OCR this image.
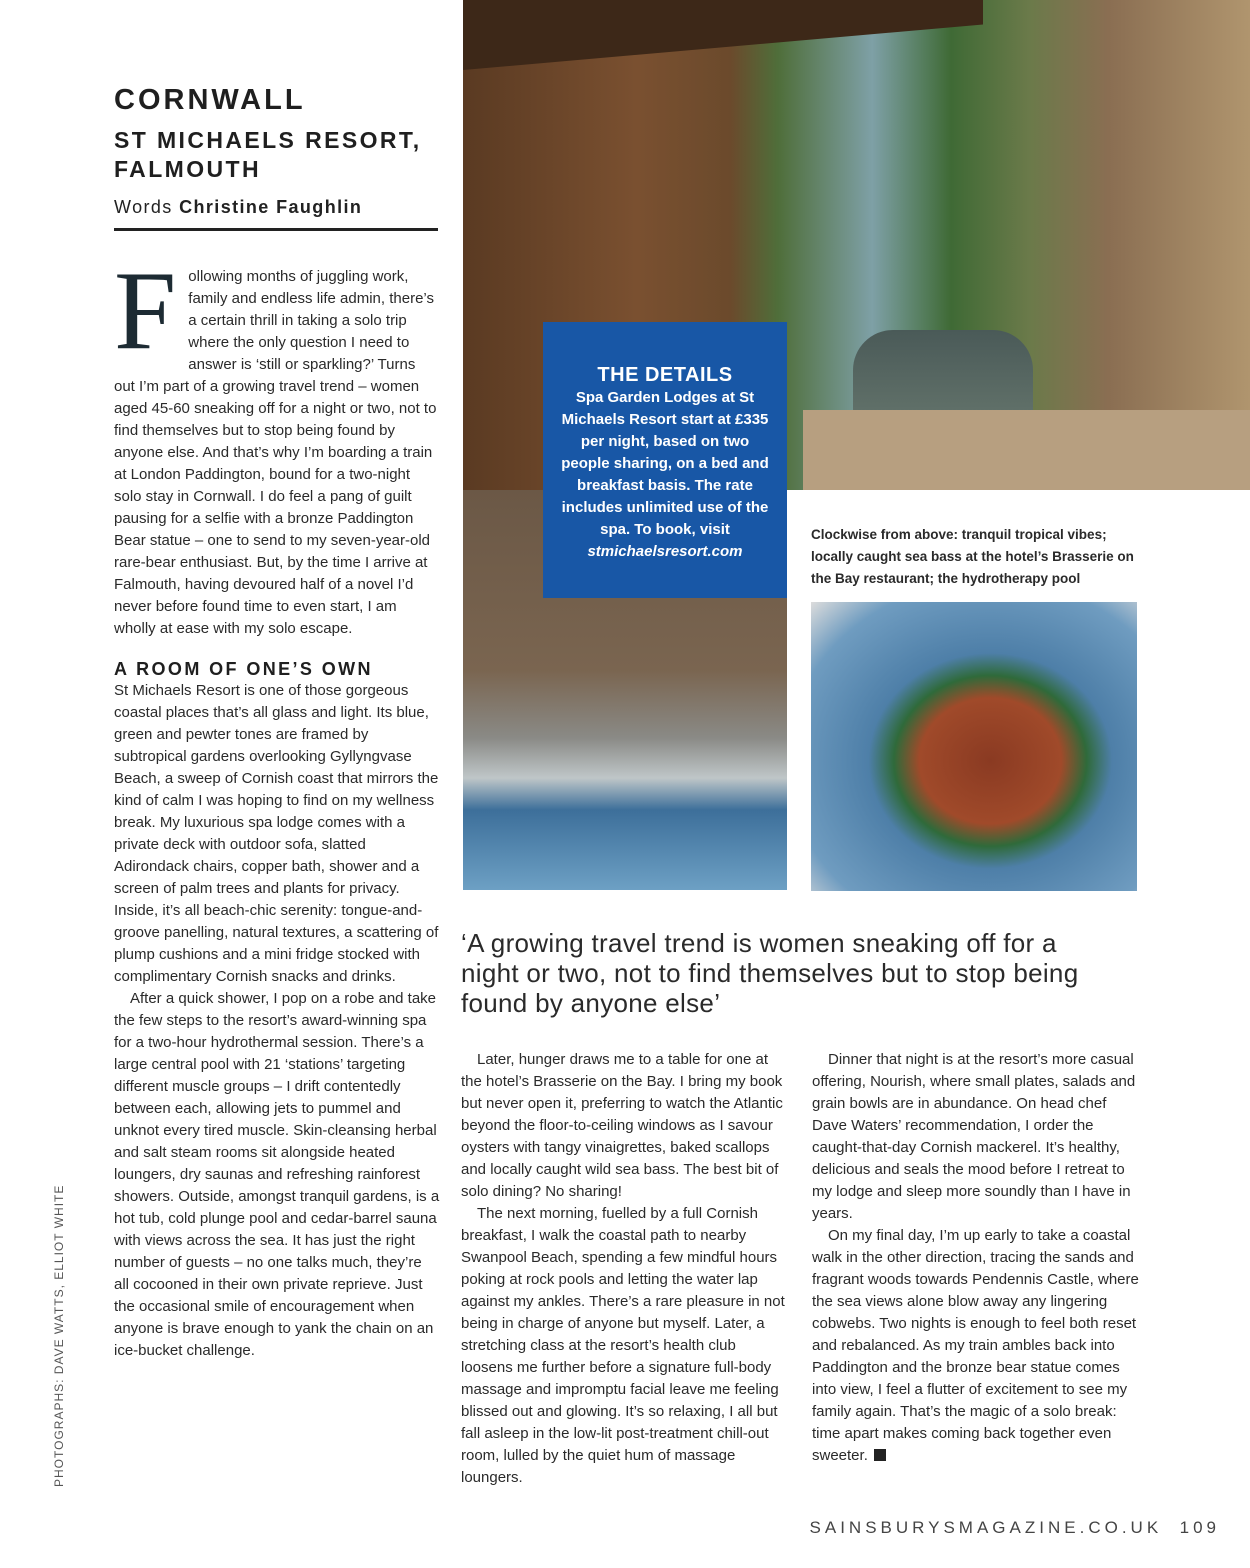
CORNWALL
ST MICHAELS RESORT, FALMOUTH
Words Christine Faughlin

Following months of juggling work, family and endless life admin, there’s a certain thrill in taking a solo trip where the only question I need to answer is ‘still or sparkling?’ Turns out I’m part of a growing travel trend – women aged 45-60 sneaking off for a night or two, not to find themselves but to stop being found by anyone else. And that’s why I’m boarding a train at London Paddington, bound for a two-night solo stay in Cornwall. I do feel a pang of guilt pausing for a selfie with a bronze Paddington Bear statue – one to send to my seven-year-old rare-bear enthusiast. But, by the time I arrive at Falmouth, having devoured half of a novel I’d never before found time to even start, I am wholly at ease with my solo escape.

A ROOM OF ONE’S OWN

St Michaels Resort is one of those gorgeous coastal places that’s all glass and light. Its blue, green and pewter tones are framed by subtropical gardens overlooking Gyllyngvase Beach, a sweep of Cornish coast that mirrors the kind of calm I was hoping to find on my wellness break. My luxurious spa lodge comes with a private deck with outdoor sofa, slatted Adirondack chairs, copper bath, shower and a screen of palm trees and plants for privacy. Inside, it’s all beach-chic serenity: tongue-and-groove panelling, natural textures, a scattering of plump cushions and a mini fridge stocked with complimentary Cornish snacks and drinks.

After a quick shower, I pop on a robe and take the few steps to the resort’s award-winning spa for a two-hour hydrothermal session. There’s a large central pool with 21 ‘stations’ targeting different muscle groups – I drift contentedly between each, allowing jets to pummel and unknot every tired muscle. Skin-cleansing herbal and salt steam rooms sit alongside heated loungers, dry saunas and refreshing rainforest showers. Outside, amongst tranquil gardens, is a hot tub, cold plunge pool and cedar-barrel sauna with views across the sea. It has just the right number of guests – no one talks much, they’re all cocooned in their own private reprieve. Just the occasional smile of encouragement when anyone is brave enough to yank the chain on an ice-bucket challenge.

THE DETAILS
Spa Garden Lodges at St Michaels Resort start at £335 per night, based on two people sharing, on a bed and breakfast basis. The rate includes unlimited use of the spa. To book, visit stmichaelsresort.com
Clockwise from above: tranquil tropical vibes; locally caught sea bass at the hotel’s Brasserie on the Bay restaurant; the hydrotherapy pool
‘A growing travel trend is women sneaking off for a night or two, not to find themselves but to stop being found by anyone else’

Later, hunger draws me to a table for one at the hotel’s Brasserie on the Bay. I bring my book but never open it, preferring to watch the Atlantic beyond the floor-to-ceiling windows as I savour oysters with tangy vinaigrettes, baked scallops and locally caught wild sea bass. The best bit of solo dining? No sharing!

The next morning, fuelled by a full Cornish breakfast, I walk the coastal path to nearby Swanpool Beach, spending a few mindful hours poking at rock pools and letting the water lap against my ankles. There’s a rare pleasure in not being in charge of anyone but myself. Later, a stretching class at the resort’s health club loosens me further before a signature full-body massage and impromptu facial leave me feeling blissed out and glowing. It’s so relaxing, I all but fall asleep in the low-lit post-treatment chill-out room, lulled by the quiet hum of massage loungers.

Dinner that night is at the resort’s more casual offering, Nourish, where small plates, salads and grain bowls are in abundance. On head chef Dave Waters’ recommendation, I order the caught-that-day Cornish mackerel. It’s healthy, delicious and seals the mood before I retreat to my lodge and sleep more soundly than I have in years.

On my final day, I’m up early to take a coastal walk in the other direction, tracing the sands and fragrant woods towards Pendennis Castle, where the sea views alone blow away any lingering cobwebs. Two nights is enough to feel both reset and rebalanced. As my train ambles back into Paddington and the bronze bear statue comes into view, I feel a flutter of excitement to see my family again. That’s the magic of a solo break: time apart makes coming back together even sweeter.

PHOTOGRAPHS: DAVE WATTS, ELLIOT WHITE
SAINSBURYSMAGAZINE.CO.UK 109
